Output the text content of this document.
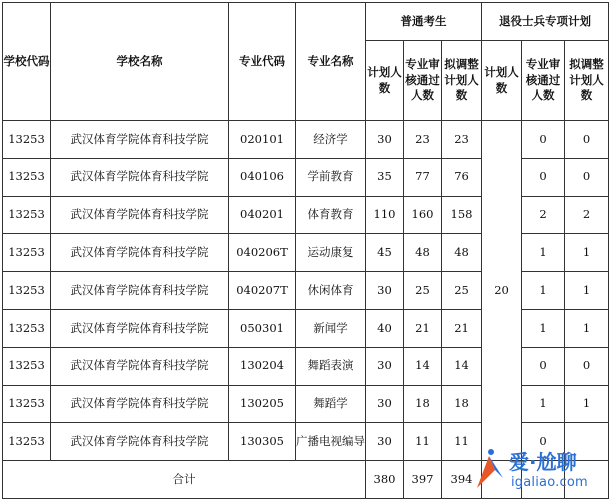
学校代码	学校名称	专业代码	专业名称	普通考生			退役士兵专项计划		
				计划人数	专业审核通过人数	拟调整计划人数	计划人数	专业审核通过人数	拟调整计划人数
13253	武汉体育学院体育科技学院	020101	经济学	30	23	23	20	0	0
13253	武汉体育学院体育科技学院	040106	学前教育	35	77	76		0	0
13253	武汉体育学院体育科技学院	040201	体育教育	110	160	158		2	2
13253	武汉体育学院体育科技学院	040206T	运动康复	45	48	48		1	1
13253	武汉体育学院体育科技学院	040207T	休闲体育	30	25	25		1	1
13253	武汉体育学院体育科技学院	050301	新闻学	40	21	21		1	1
13253	武汉体育学院体育科技学院	130204	舞蹈表演	30	14	14		0	0
13253	武汉体育学院体育科技学院	130205	舞蹈学	30	18	18		1	1
13253	武汉体育学院体育科技学院	130305	广播电视编导	30	11	11		0	
合计				380	397	394			
爱·尬聊
igaliao.com
